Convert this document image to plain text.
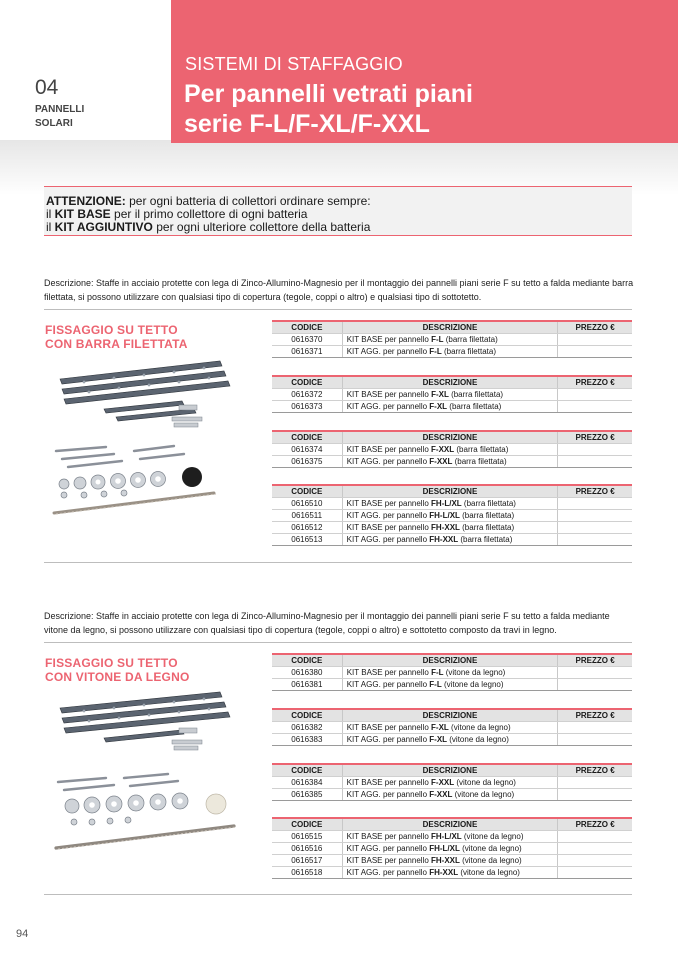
04
PANNELLI
SOLARI
SISTEMI DI STAFFAGGIO
Per pannelli vetrati piani
serie F-L/F-XL/F-XXL
ATTENZIONE: per ogni batteria di collettori ordinare sempre:
il KIT BASE per il primo collettore di ogni batteria
il KIT AGGIUNTIVO per ogni ulteriore collettore della batteria
Descrizione: Staffe in acciaio protette con lega di Zinco-Allumino-Magnesio per il montaggio dei pannelli piani serie F su tetto a falda mediante barra filettata, si possono utilizzare con qualsiasi tipo di copertura (tegole, coppi o altro) e qualsiasi tipo di sottotetto.
FISSAGGIO SU TETTO
CON BARRA FILETTATA
CODICE	DESCRIZIONE	PREZZO €
0616370	KIT BASE per pannello F-L (barra filettata)	
0616371	KIT AGG. per pannello F-L (barra filettata)	
CODICE	DESCRIZIONE	PREZZO €
0616372	KIT BASE per pannello F-XL (barra filettata)	
0616373	KIT AGG. per pannello F-XL (barra filettata)	
CODICE	DESCRIZIONE	PREZZO €
0616374	KIT BASE per pannello F-XXL (barra filettata)	
0616375	KIT AGG. per pannello F-XXL (barra filettata)	
CODICE	DESCRIZIONE	PREZZO €
0616510	KIT BASE per pannello FH-L/XL (barra filettata)	
0616511	KIT AGG. per pannello FH-L/XL (barra filettata)	
0616512	KIT BASE per pannello FH-XXL (barra filettata)	
0616513	KIT AGG. per pannello FH-XXL (barra filettata)	
Descrizione: Staffe in acciaio protette con lega di Zinco-Allumino-Magnesio per il montaggio dei pannelli piani serie F su tetto a falda mediante vitone da legno, si possono utilizzare con qualsiasi tipo di copertura (tegole, coppi o altro) e sottotetto composto da travi in legno.
FISSAGGIO SU TETTO
CON VITONE DA LEGNO
CODICE	DESCRIZIONE	PREZZO €
0616380	KIT BASE per pannello F-L (vitone da legno)	
0616381	KIT AGG. per pannello F-L (vitone da legno)	
CODICE	DESCRIZIONE	PREZZO €
0616382	KIT BASE per pannello F-XL (vitone da legno)	
0616383	KIT AGG. per pannello F-XL (vitone da legno)	
CODICE	DESCRIZIONE	PREZZO €
0616384	KIT BASE per pannello F-XXL (vitone da legno)	
0616385	KIT AGG. per pannello F-XXL (vitone da legno)	
CODICE	DESCRIZIONE	PREZZO €
0616515	KIT BASE per pannello FH-L/XL (vitone da legno)	
0616516	KIT AGG. per pannello FH-L/XL (vitone da legno)	
0616517	KIT BASE per pannello FH-XXL (vitone da legno)	
0616518	KIT AGG. per pannello FH-XXL (vitone da legno)	
94
